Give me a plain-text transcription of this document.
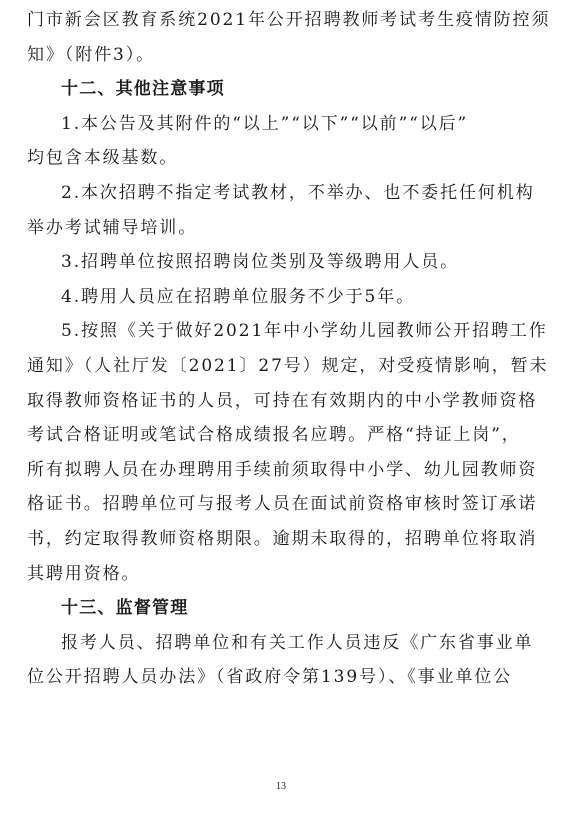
门市新会区教育系统2021年公开招聘教师考试考生疫情防控须
知》（附件3）。
十二、其他注意事项
1.本公告及其附件的“以上”“以下”“以前”“以后”
均包含本级基数。
2.本次招聘不指定考试教材，不举办、也不委托任何机构
举办考试辅导培训。
3.招聘单位按照招聘岗位类别及等级聘用人员。
4.聘用人员应在招聘单位服务不少于5年。
5.按照《关于做好2021年中小学幼儿园教师公开招聘工作
通知》（人社厅发〔2021〕27号）规定，对受疫情影响，暂未
取得教师资格证书的人员，可持在有效期内的中小学教师资格
考试合格证明或笔试合格成绩报名应聘。严格“持证上岗”，
所有拟聘人员在办理聘用手续前须取得中小学、幼儿园教师资
格证书。招聘单位可与报考人员在面试前资格审核时签订承诺
书，约定取得教师资格期限。逾期未取得的，招聘单位将取消
其聘用资格。
十三、监督管理
报考人员、招聘单位和有关工作人员违反《广东省事业单
位公开招聘人员办法》（省政府令第139号）、《事业单位公
13
